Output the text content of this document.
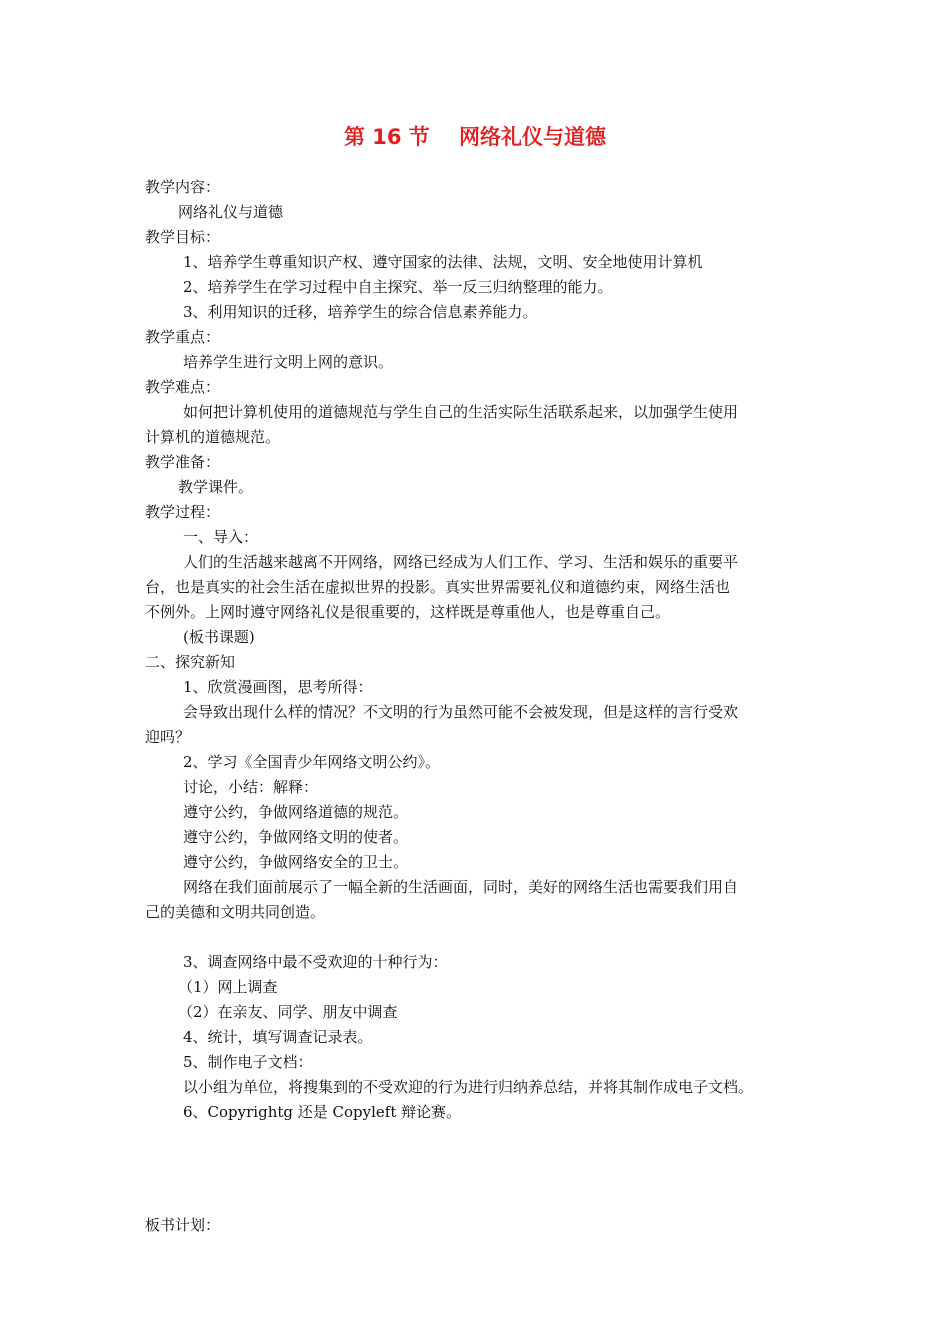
第 16 节    网络礼仪与道德
教学内容：
网络礼仪与道德
教学目标：
1、培养学生尊重知识产权、遵守国家的法律、法规，文明、安全地使用计算机
2、培养学生在学习过程中自主探究、举一反三归纳整理的能力。
3、利用知识的迁移，培养学生的综合信息素养能力。
教学重点：
培养学生进行文明上网的意识。
教学难点：
如何把计算机使用的道德规范与学生自己的生活实际生活联系起来，以加强学生使用
计算机的道德规范。
教学准备：
教学课件。
教学过程：
一、导入：
人们的生活越来越离不开网络，网络已经成为人们工作、学习、生活和娱乐的重要平
台，也是真实的社会生活在虚拟世界的投影。真实世界需要礼仪和道德约束，网络生活也
不例外。上网时遵守网络礼仪是很重要的，这样既是尊重他人，也是尊重自己。
(板书课题)
二、探究新知
1、欣赏漫画图，思考所得：
会导致出现什么样的情况？不文明的行为虽然可能不会被发现，但是这样的言行受欢
迎吗？
2、学习《全国青少年网络文明公约》。
讨论，小结：解释：
遵守公约，争做网络道德的规范。
遵守公约，争做网络文明的使者。
遵守公约，争做网络安全的卫士。
网络在我们面前展示了一幅全新的生活画面，同时，美好的网络生活也需要我们用自
己的美德和文明共同创造。
3、调查网络中最不受欢迎的十种行为：
（1）网上调查
（2）在亲友、同学、朋友中调查
4、统计，填写调查记录表。
5、制作电子文档：
以小组为单位，将搜集到的不受欢迎的行为进行归纳养总结，并将其制作成电子文档。
6、Copyrightg 还是 Copyleft 辩论赛。
板书计划：
